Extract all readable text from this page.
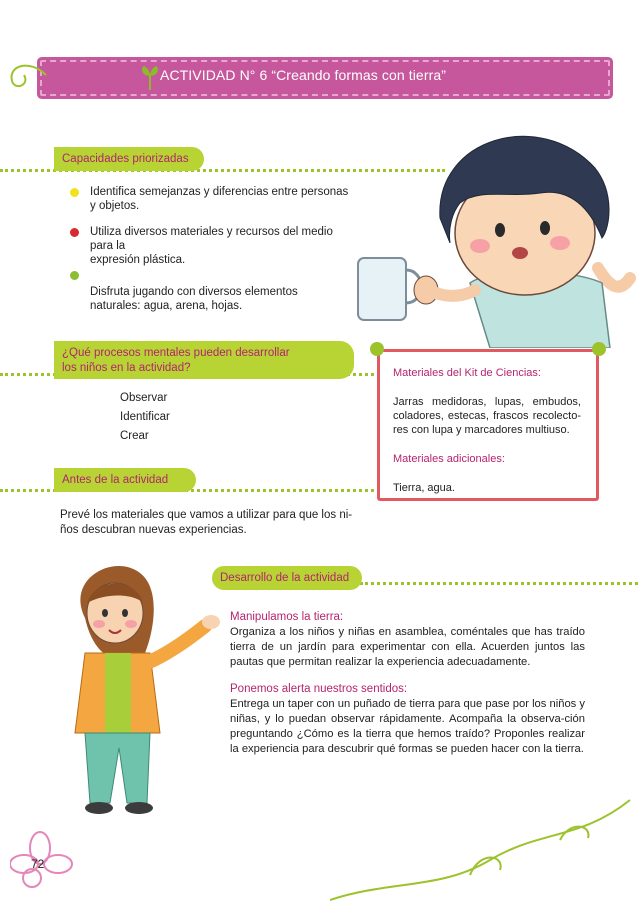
ACTIVIDAD N° 6 “Creando formas con tierra”
Capacidades priorizadas
Identifica semejanzas y diferencias entre personas y objetos.
Utiliza diversos materiales y recursos del medio para la
expresión plástica.
Disfruta jugando con diversos elementos naturales: agua, arena, hojas.
¿Qué procesos mentales pueden desarrollar
los niños en la actividad?
Observar
Identificar
Crear
Antes de la actividad
Prevé los materiales que vamos a utilizar para que los ni-
ños descubran nuevas experiencias.
Materiales del Kit de Ciencias:
Jarras medidoras, lupas, embudos, coladores, estecas, frascos recolecto-res con lupa y marcadores multiuso.
Materiales adicionales:
Tierra, agua.
Desarrollo de la actividad
Manipulamos la tierra:
Organiza a los niños y niñas en asamblea, coméntales que has traído tierra de un jardín para experimentar con ella. Acuerden juntos las pautas que permitan realizar la experiencia adecuadamente.
Ponemos alerta nuestros sentidos:
Entrega un taper con un puñado de tierra para que pase por los niños y niñas, y lo puedan observar rápidamente. Acompaña la observa-ción preguntando ¿Cómo es la tierra que hemos traído? Proponles realizar la experiencia para descubrir qué formas se pueden hacer con la tierra.
72
